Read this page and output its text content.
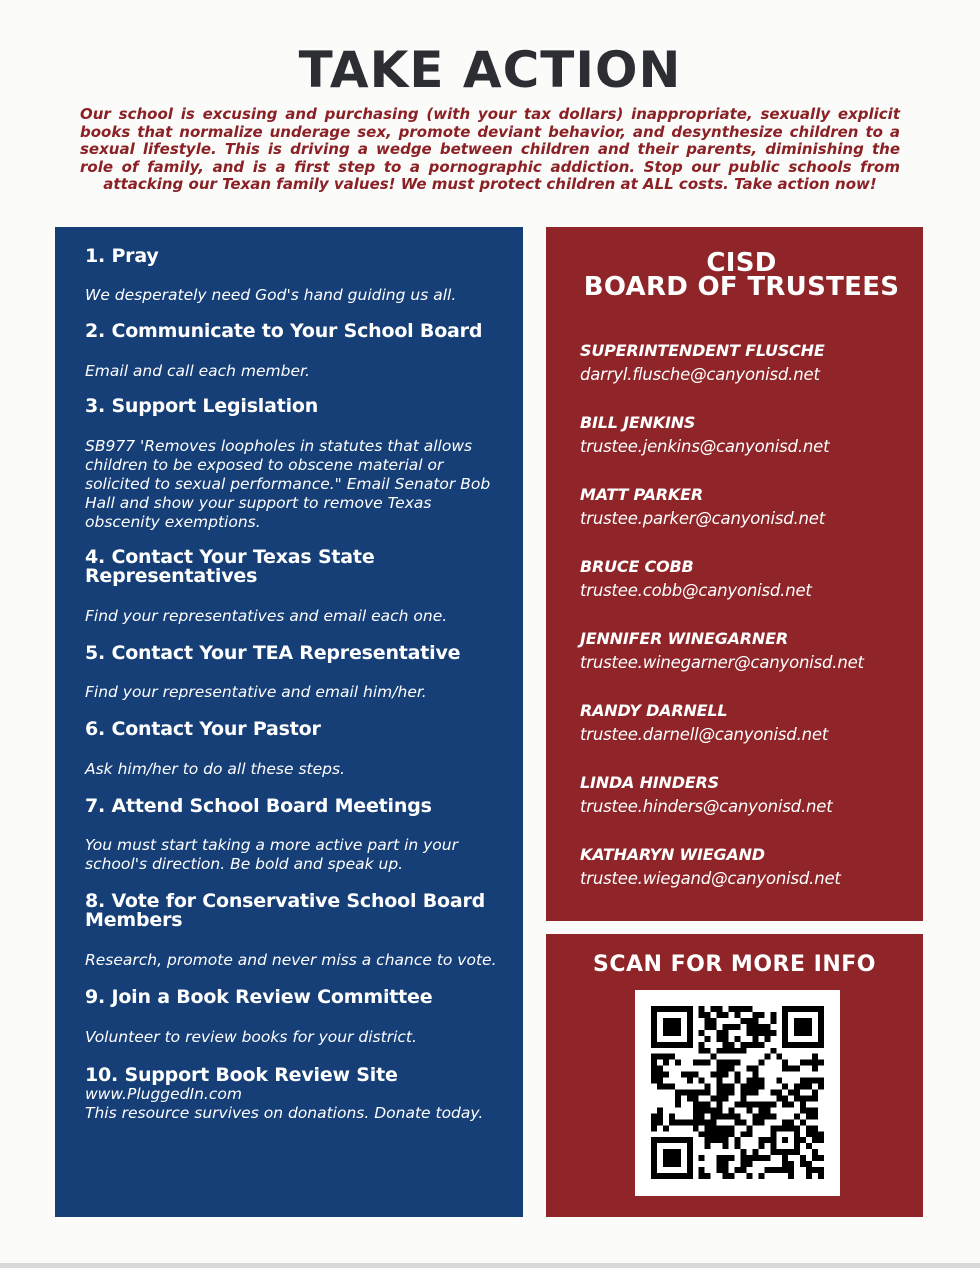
TAKE ACTION

Our school is excusing and purchasing (with your tax dollars) inappropriate, sexually explicit books that normalize underage sex, promote deviant behavior, and desynthesize children to a sexual lifestyle. This is driving a wedge between children and their parents, diminishing the role of family, and is a first step to a pornographic addiction. Stop our public schools from attacking our Texan family values! We must protect children at ALL costs. Take action now!

1. Pray

We desperately need God's hand guiding us all.

2. Communicate to Your School Board

Email and call each member.

3. Support Legislation

SB977 'Removes loopholes in statutes that allows children to be exposed to obscene material or solicited to sexual performance." Email Senator Bob Hall and show your support to remove Texas obscenity exemptions.

4. Contact Your Texas State Representatives

Find your representatives and email each one.

5. Contact Your TEA Representative

Find your representative and email him/her.

6. Contact Your Pastor

Ask him/her to do all these steps.

7. Attend School Board Meetings

You must start taking a more active part in your school's direction. Be bold and speak up.

8. Vote for Conservative School Board Members

Research, promote and never miss a chance to vote.

9. Join a Book Review Committee

Volunteer to review books for your district.

10. Support Book Review Site

www.PluggedIn.com

This resource survives on donations. Donate today.

CISD
BOARD OF TRUSTEES
SUPERINTENDENT FLUSCHE
darryl.flusche@canyonisd.net
BILL JENKINS
trustee.jenkins@canyonisd.net
MATT PARKER
trustee.parker@canyonisd.net
BRUCE COBB
trustee.cobb@canyonisd.net
JENNIFER WINEGARNER
trustee.winegarner@canyonisd.net
RANDY DARNELL
trustee.darnell@canyonisd.net
LINDA HINDERS
trustee.hinders@canyonisd.net
KATHARYN WIEGAND
trustee.wiegand@canyonisd.net
SCAN FOR MORE INFO
